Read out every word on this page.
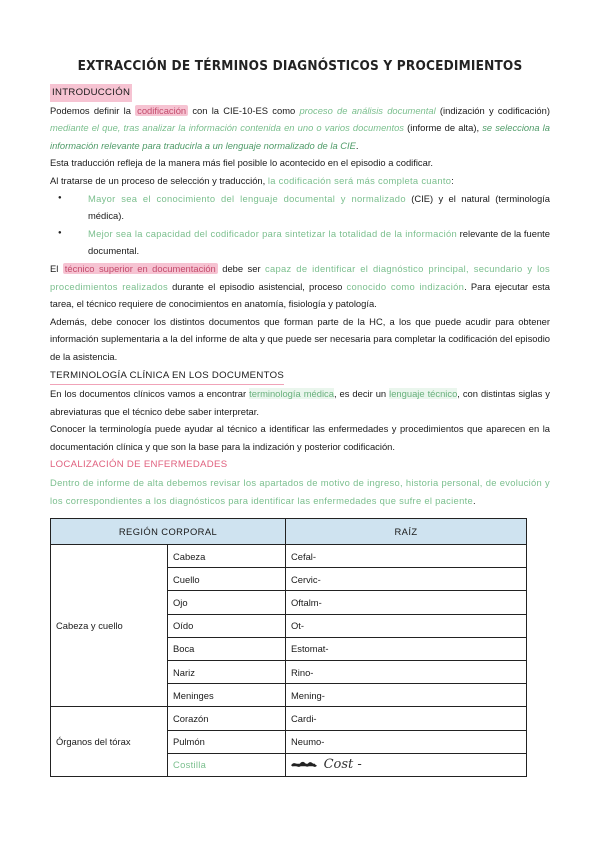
EXTRACCIÓN DE TÉRMINOS DIAGNÓSTICOS Y PROCEDIMIENTOS
INTRODUCCIÓN

Podemos definir la codificación con la CIE-10-ES como proceso de análisis documental (indización y codificación) mediante el que, tras analizar la información contenida en uno o varios documentos (informe de alta), se selecciona la información relevante para traducirla a un lenguaje normalizado de la CIE.

Esta traducción refleja de la manera más fiel posible lo acontecido en el episodio a codificar.

Al tratarse de un proceso de selección y traducción, la codificación será más completa cuanto:

● Mayor sea el conocimiento del lenguaje documental y normalizado (CIE) y el natural (terminología médica).
● Mejor sea la capacidad del codificador para sintetizar la totalidad de la información relevante de la fuente documental.

El técnico superior en documentación debe ser capaz de identificar el diagnóstico principal, secundario y los procedimientos realizados durante el episodio asistencial, proceso conocido como indización. Para ejecutar esta tarea, el técnico requiere de conocimientos en anatomía, fisiología y patología.

Además, debe conocer los distintos documentos que forman parte de la HC, a los que puede acudir para obtener información suplementaria a la del informe de alta y que puede ser necesaria para completar la codificación del episodio de la asistencia.

TERMINOLOGÍA CLÍNICA EN LOS DOCUMENTOS

En los documentos clínicos vamos a encontrar terminología médica, es decir un lenguaje técnico, con distintas siglas y abreviaturas que el técnico debe saber interpretar.

Conocer la terminología puede ayudar al técnico a identificar las enfermedades y procedimientos que aparecen en la documentación clínica y que son la base para la indización y posterior codificación.

LOCALIZACIÓN DE ENFERMEDADES

Dentro de informe de alta debemos revisar los apartados de motivo de ingreso, historia personal, de evolución y los correspondientes a los diagnósticos para identificar las enfermedades que sufre el paciente.

REGIÓN CORPORAL		RAÍZ
Cabeza y cuello	Cabeza	Cefal-
	Cuello	Cervic-
	Ojo	Oftalm-
	Oído	Ot-
	Boca	Estomat-
	Nariz	Rino-
	Meninges	Mening-
Órganos del tórax	Corazón	Cardi-
	Pulmón	Neumo-
	Costilla	Cost -
